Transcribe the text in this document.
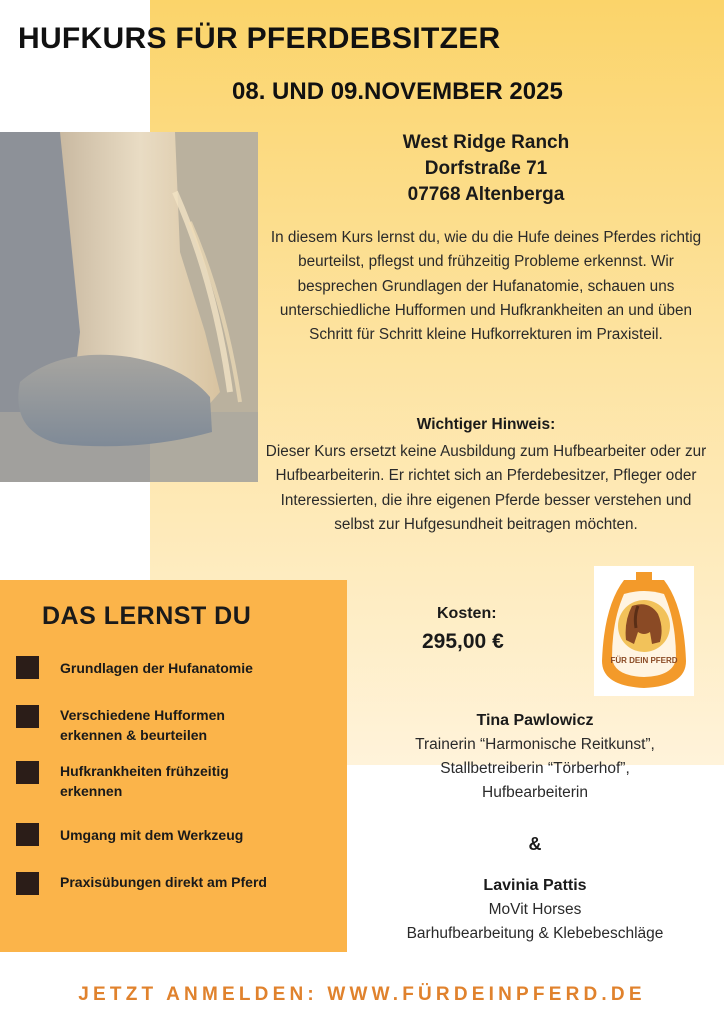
HUFKURS FÜR PFERDEBSITZER
08. UND 09.NOVEMBER 2025
West Ridge Ranch
Dorfstraße 71
07768 Altenberga

In diesem Kurs lernst du, wie du die Hufe deines Pferdes richtig beurteilst, pflegst und frühzeitig Probleme erkennst. Wir besprechen Grundlagen der Hufanatomie, schauen uns unterschiedliche Hufformen und Hufkrankheiten an und üben Schritt für Schritt kleine Hufkorrekturen im Praxisteil.

Wichtiger Hinweis:

Dieser Kurs ersetzt keine Ausbildung zum Hufbearbeiter oder zur Hufbearbeiterin. Er richtet sich an Pferdebesitzer, Pfleger oder Interessierten, die ihre eigenen Pferde besser verstehen und selbst zur Hufgesundheit beitragen möchten.

DAS LERNST DU
Grundlagen der Hufanatomie
Verschiedene Hufformen erkennen & beurteilen
Hufkrankheiten frühzeitig erkennen
Umgang mit dem Werkzeug
Praxisübungen direkt am Pferd
Kosten:
295,00 €
FÜR DEIN PFERD
Tina Pawlowicz
Trainerin “Harmonische Reitkunst”,
Stallbetreiberin “Törberhof”,
Hufbearbeiterin
&
Lavinia Pattis
MoVit Horses
Barhufbearbeitung & Klebebeschläge
JETZT ANMELDEN: WWW.FÜRDEINPFERD.DE
